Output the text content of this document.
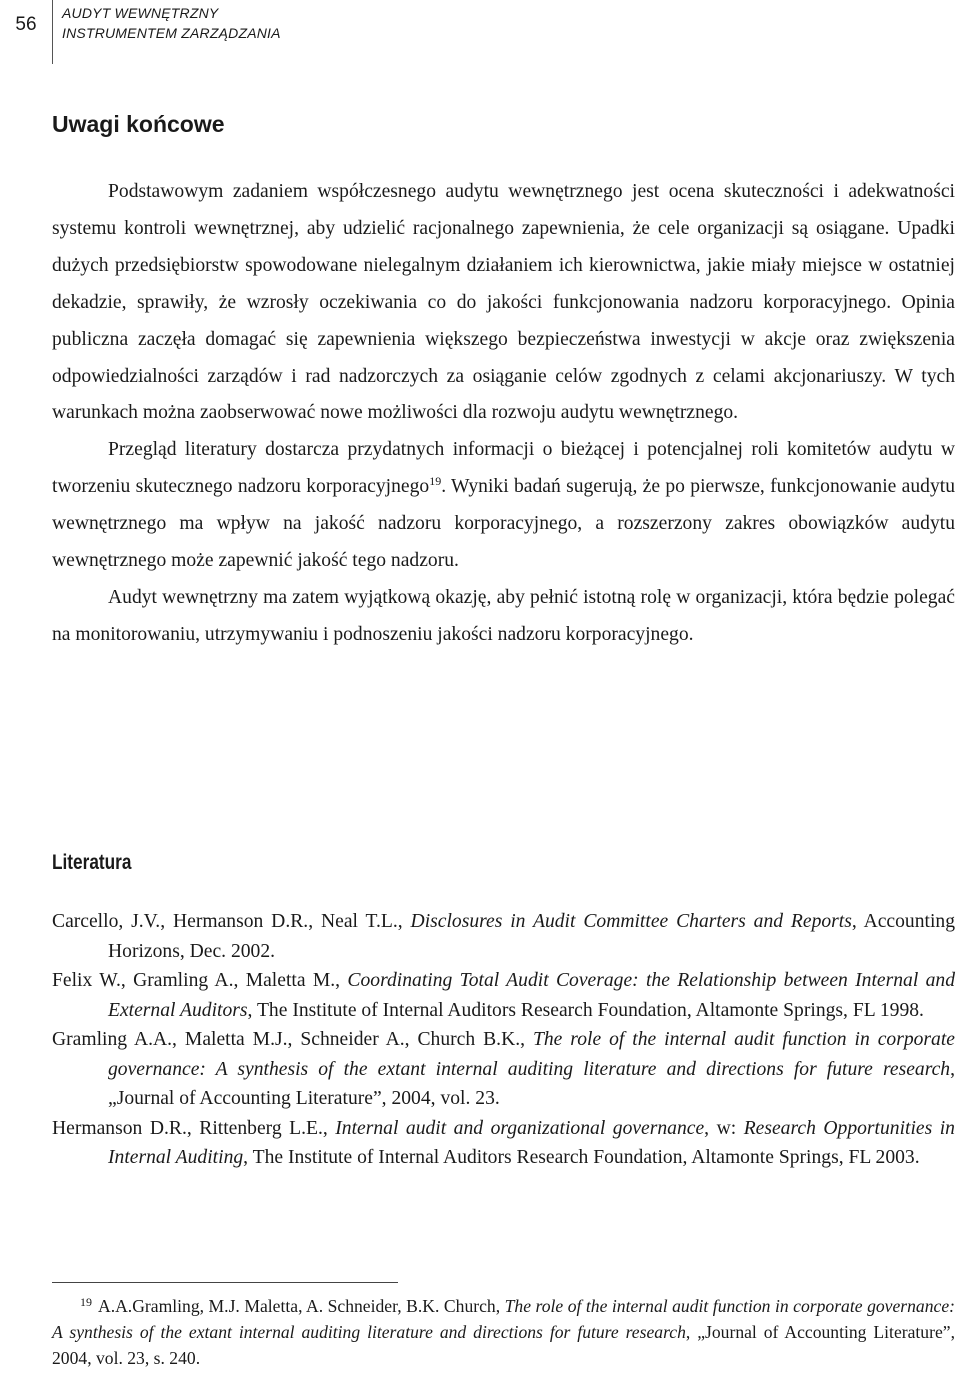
56
AUDYT WEWNĘTRZNY
INSTRUMENTEM ZARZĄDZANIA
Uwagi końcowe

Podstawowym zadaniem współczesnego audytu wewnętrznego jest ocena skuteczności i adekwatności systemu kontroli wewnętrznej, aby udzielić racjonalnego zapewnienia, że cele organizacji są osiągane. Upadki dużych przedsiębiorstw spowodowane nielegalnym działaniem ich kierownictwa, jakie miały miejsce w ostatniej dekadzie, sprawiły, że wzrosły oczekiwania co do jakości funkcjonowania nadzoru korporacyjnego. Opinia publiczna zaczęła domagać się zapewnienia większego bezpieczeństwa inwestycji w akcje oraz zwiększenia odpowiedzialności zarządów i rad nadzorczych za osiąganie celów zgodnych z celami akcjonariuszy. W tych warunkach można zaobserwować nowe możliwości dla rozwoju audytu wewnętrznego.

Przegląd literatury dostarcza przydatnych informacji o bieżącej i potencjalnej roli komitetów audytu w tworzeniu skutecznego nadzoru korporacyjnego$^{19}$. Wyniki badań sugerują, że po pierwsze, funkcjonowanie audytu wewnętrznego ma wpływ na jakość nadzoru korporacyjnego, a rozszerzony zakres obowiązków audytu wewnętrznego może zapewnić jakość tego nadzoru.

Audyt wewnętrzny ma zatem wyjątkową okazję, aby pełnić istotną rolę w organizacji, która będzie polegać na monitorowaniu, utrzymywaniu i podnoszeniu jakości nadzoru korporacyjnego.

Literatura
Carcello, J.V., Hermanson D.R., Neal T.L., Disclosures in Audit Committee Charters and Reports, Accounting Horizons, Dec. 2002.
Felix W., Gramling A., Maletta M., Coordinating Total Audit Coverage: the Relationship between Internal and External Auditors, The Institute of Internal Auditors Research Foundation, Altamonte Springs, FL 1998.
Gramling A.A., Maletta M.J., Schneider A., Church B.K., The role of the internal audit function in corporate governance: A synthesis of the extant internal auditing literature and directions for future research, „Journal of Accounting Literature”, 2004, vol. 23.
Hermanson D.R., Rittenberg L.E., Internal audit and organizational governance, w: Research Opportunities in Internal Auditing, The Institute of Internal Auditors Research Foundation, Altamonte Springs, FL 2003.

$^{19}$ A.A.Gramling, M.J. Maletta, A. Schneider, B.K. Church, The role of the internal audit function in corporate governance: A synthesis of the extant internal auditing literature and directions for future research, „Journal of Accounting Literature”, 2004, vol. 23, s. 240.
